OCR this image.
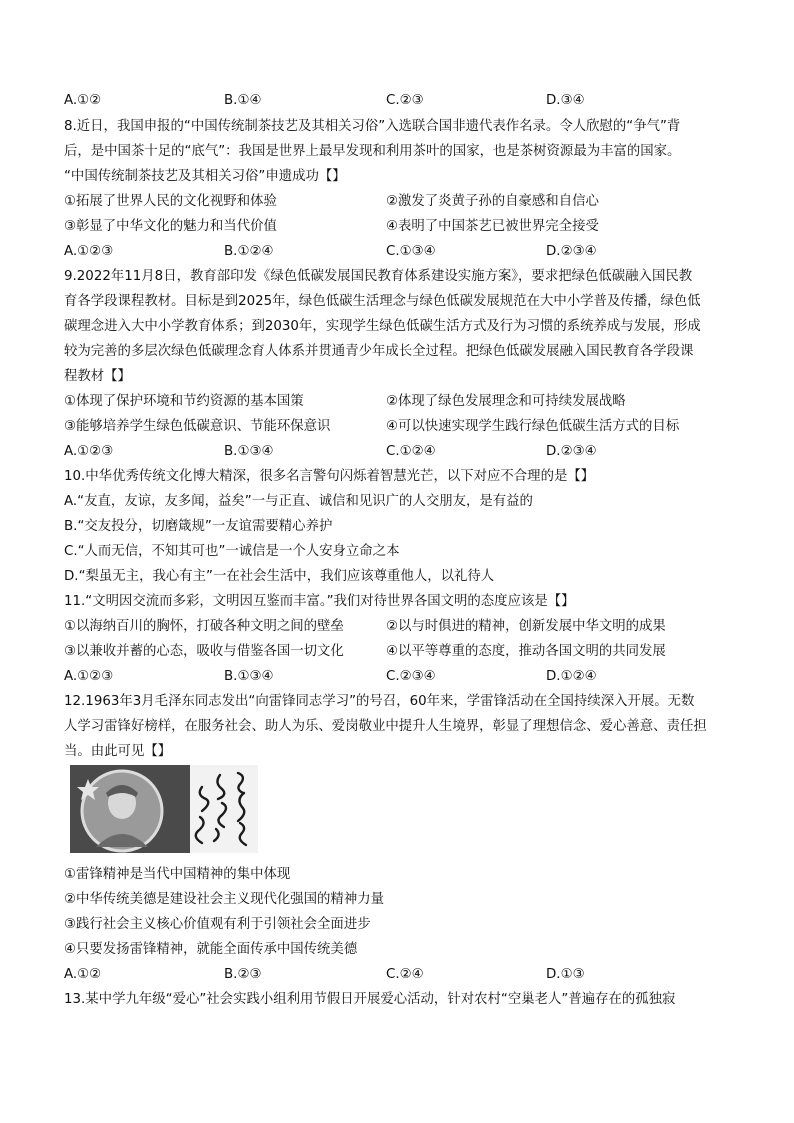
A.①②	B.①④	C.②③	D.③④
8.近日，我国申报的“中国传统制茶技艺及其相关习俗”入选联合国非遗代表作名录。令人欣慰的“争气”背
后，是中国茶十足的“底气”：我国是世界上最早发现和利用茶叶的国家，也是茶树资源最为丰富的国家。
“中国传统制茶技艺及其相关习俗”申遗成功【】
①拓展了世界人民的文化视野和体验	②激发了炎黄子孙的自豪感和自信心
③彰显了中华文化的魅力和当代价值	④表明了中国茶艺已被世界完全接受
A.①②③	B.①②④	C.①③④	D.②③④
9.2022年11月8日，教育部印发《绿色低碳发展国民教育体系建设实施方案》，要求把绿色低碳融入国民教
育各学段课程教材。目标是到2025年，绿色低碳生活理念与绿色低碳发展规范在大中小学普及传播，绿色低
碳理念进入大中小学教育体系；到2030年，实现学生绿色低碳生活方式及行为习惯的系统养成与发展，形成
较为完善的多层次绿色低碳理念育人体系并贯通青少年成长全过程。把绿色低碳发展融入国民教育各学段课
程教材【】
①体现了保护环境和节约资源的基本国策	②体现了绿色发展理念和可持续发展战略
③能够培养学生绿色低碳意识、节能环保意识	④可以快速实现学生践行绿色低碳生活方式的目标
A.①②③	B.①③④	C.①②④	D.②③④
10.中华优秀传统文化博大精深，很多名言警句闪烁着智慧光芒，以下对应不合理的是【】
A.“友直，友谅，友多闻，益矣”一与正直、诚信和见识广的人交朋友，是有益的
B.“交友投分，切磨箴规”一友谊需要精心养护
C.“人而无信，不知其可也”一诚信是一个人安身立命之本
D.“梨虽无主，我心有主”一在社会生活中，我们应该尊重他人，以礼待人
11.“文明因交流而多彩，文明因互鉴而丰富。”我们对待世界各国文明的态度应该是【】
①以海纳百川的胸怀，打破各种文明之间的壁垒	②以与时俱进的精神，创新发展中华文明的成果
③以兼收并蓄的心态，吸收与借鉴各国一切文化	④以平等尊重的态度，推动各国文明的共同发展
A.①②③	B.①③④	C.②③④	D.①②④
12.1963年3月毛泽东同志发出“向雷锋同志学习”的号召，60年来，学雷锋活动在全国持续深入开展。无数
人学习雷锋好榜样，在服务社会、助人为乐、爱岗敬业中提升人生境界，彰显了理想信念、爱心善意、责任担
当。由此可见【】
①雷锋精神是当代中国精神的集中体现
②中华传统美德是建设社会主义现代化强国的精神力量
③践行社会主义核心价值观有利于引领社会全面进步
④只要发扬雷锋精神，就能全面传承中国传统美德
A.①②	B.②③	C.②④	D.①③
13.某中学九年级“爱心”社会实践小组利用节假日开展爱心活动，针对农村“空巢老人”普遍存在的孤独寂
